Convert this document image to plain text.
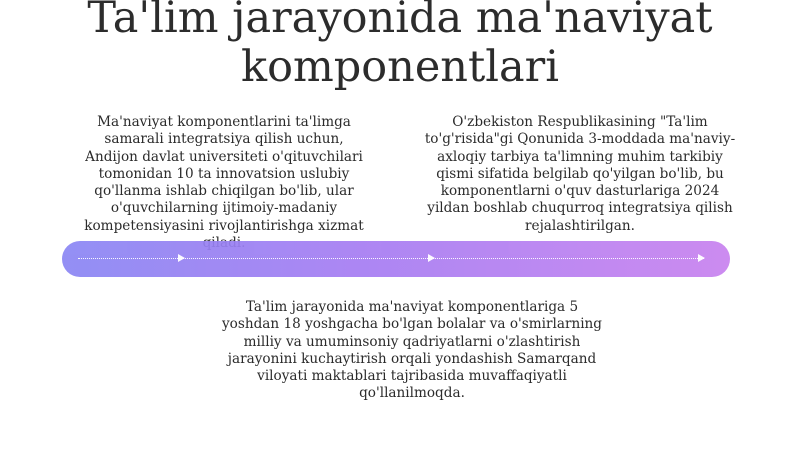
Ta'lim jarayonida ma'naviyat komponentlari

Ma'naviyat komponentlarini ta'limga samarali integratsiya qilish uchun, Andijon davlat universiteti o'qituvchilari tomonidan 10 ta innovatsion uslubiy qo'llanma ishlab chiqilgan bo'lib, ular o'quvchilarning ijtimoiy-madaniy kompetensiyasini rivojlantirishga xizmat

O'zbekiston Respublikasining "Ta'lim to'g'risida"gi Qonunida 3-moddada ma'naviy-axloqiy tarbiya ta'limning muhim tarkibiy qismi sifatida belgilab qo'yilgan bo'lib, bu komponentlarni o'quv dasturlariga 2024 yildan boshlab chuqurroq integratsiya qilish rejalashtirilgan.

Ta'lim jarayonida ma'naviyat komponentlariga 5 yoshdan 18 yoshgacha bo'lgan bolalar va o'smirlarning milliy va umuminsoniy qadriyatlarni o'zlashtirish jarayonini kuchaytirish orqali yondashish Samarqand viloyati maktablari tajribasida muvaffaqiyatli qo'llanilmoqda.
